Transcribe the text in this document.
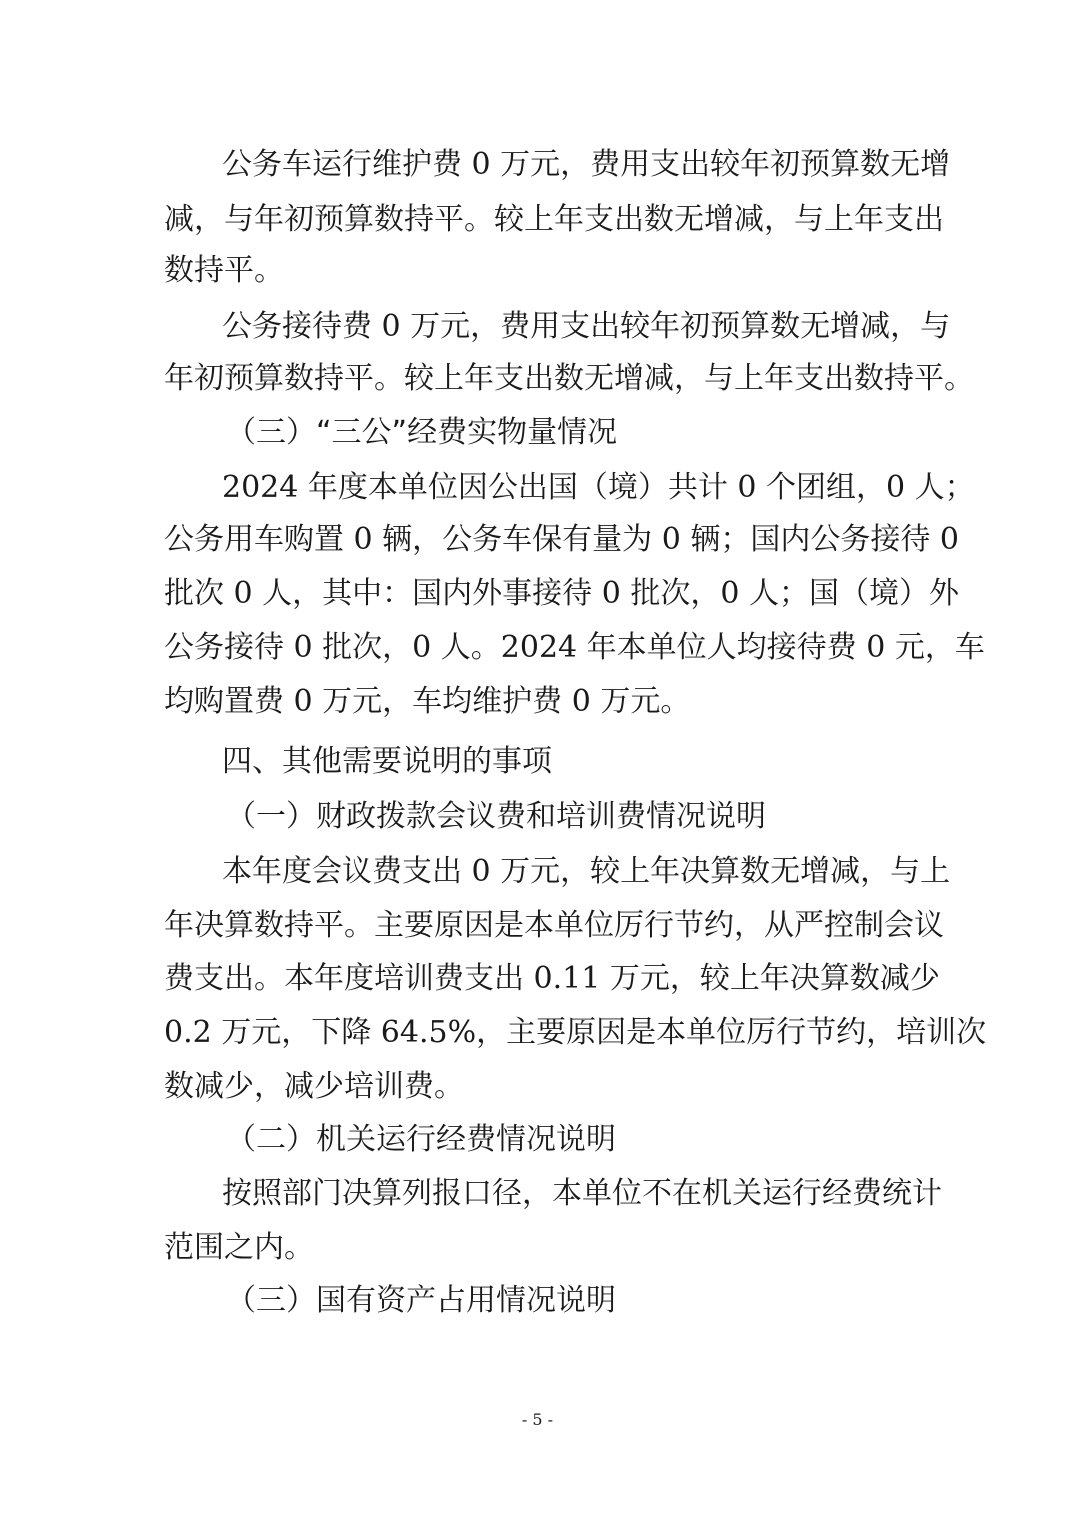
公务车运行维护费 0 万元，费用支出较年初预算数无增
减，与年初预算数持平。较上年支出数无增减，与上年支出
数持平。
公务接待费 0 万元，费用支出较年初预算数无增减，与
年初预算数持平。较上年支出数无增减，与上年支出数持平。
（三）“三公”经费实物量情况
2024 年度本单位因公出国（境）共计 0 个团组，0 人；
公务用车购置 0 辆，公务车保有量为 0 辆；国内公务接待 0
批次 0 人，其中：国内外事接待 0 批次，0 人；国（境）外
公务接待 0 批次，0 人。2024 年本单位人均接待费 0 元，车
均购置费 0 万元，车均维护费 0 万元。
四、其他需要说明的事项
（一）财政拨款会议费和培训费情况说明
本年度会议费支出 0 万元，较上年决算数无增减，与上
年决算数持平。主要原因是本单位厉行节约，从严控制会议
费支出。本年度培训费支出 0.11 万元，较上年决算数减少
0.2 万元，下降 64.5%，主要原因是本单位厉行节约，培训次
数减少，减少培训费。
（二）机关运行经费情况说明
按照部门决算列报口径，本单位不在机关运行经费统计
范围之内。
（三）国有资产占用情况说明
- 5 -
